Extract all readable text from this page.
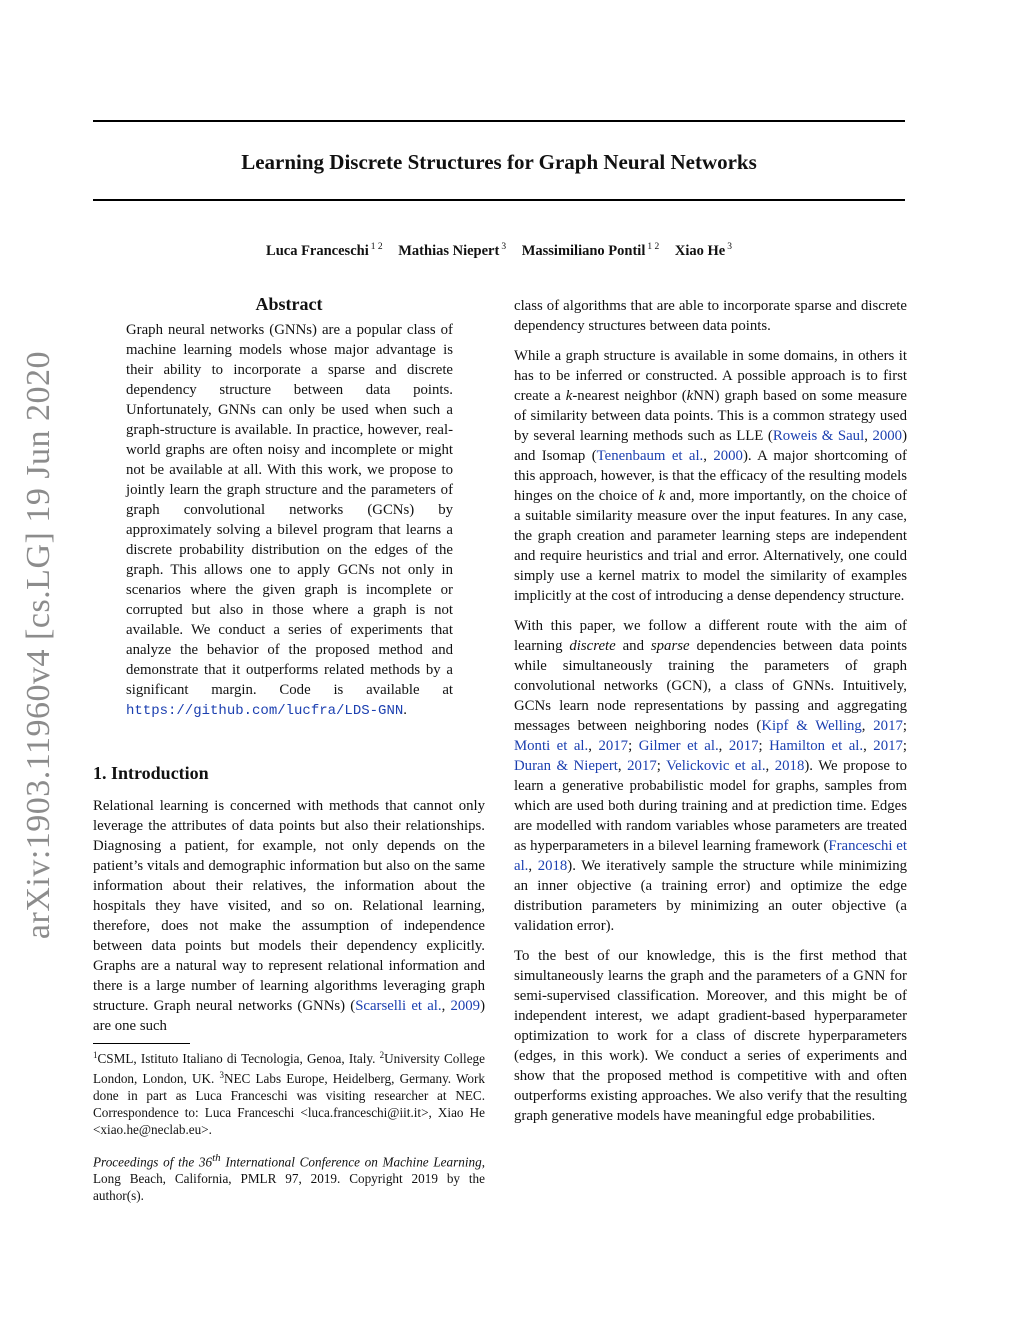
Learning Discrete Structures for Graph Neural Networks
Luca Franceschi $^{1 2}$ Mathias Niepert $^3$ Massimiliano Pontil $^{1 2}$ Xiao He $^3$
arXiv:1903.11960v4 [cs.LG] 19 Jun 2020
Abstract

Graph neural networks (GNNs) are a popular class of machine learning models whose major advantage is their ability to incorporate a sparse and discrete dependency structure between data points. Unfortunately, GNNs can only be used when such a graph-structure is available. In practice, however, real-world graphs are often noisy and incomplete or might not be available at all. With this work, we propose to jointly learn the graph structure and the parameters of graph convolutional networks (GCNs) by approximately solving a bilevel program that learns a discrete probability distribution on the edges of the graph. This allows one to apply GCNs not only in scenarios where the given graph is incomplete or corrupted but also in those where a graph is not available. We conduct a series of experiments that analyze the behavior of the proposed method and demonstrate that it outperforms related methods by a significant margin. Code is available at https://github.com/lucfra/LDS-GNN.

1. Introduction

Relational learning is concerned with methods that cannot only leverage the attributes of data points but also their relationships. Diagnosing a patient, for example, not only depends on the patient’s vitals and demographic information but also on the same information about their relatives, the information about the hospitals they have visited, and so on. Relational learning, therefore, does not make the assumption of independence between data points but models their dependency explicitly. Graphs are a natural way to represent relational information and there is a large number of learning algorithms leveraging graph structure. Graph neural networks (GNNs) (Scarselli et al., 2009) are one such

$^1$CSML, Istituto Italiano di Tecnologia, Genoa, Italy. $^2$University College London, London, UK. $^3$NEC Labs Europe, Heidelberg, Germany. Work done in part as Luca Franceschi was visiting researcher at NEC. Correspondence to: Luca Franceschi <luca.franceschi@iit.it>, Xiao He <xiao.he@neclab.eu>.

Proceedings of the 36th International Conference on Machine Learning, Long Beach, California, PMLR 97, 2019. Copyright 2019 by the author(s).

class of algorithms that are able to incorporate sparse and discrete dependency structures between data points.

While a graph structure is available in some domains, in others it has to be inferred or constructed. A possible approach is to first create a k-nearest neighbor (kNN) graph based on some measure of similarity between data points. This is a common strategy used by several learning methods such as LLE (Roweis & Saul, 2000) and Isomap (Tenenbaum et al., 2000). A major shortcoming of this approach, however, is that the efficacy of the resulting models hinges on the choice of k and, more importantly, on the choice of a suitable similarity measure over the input features. In any case, the graph creation and parameter learning steps are independent and require heuristics and trial and error. Alternatively, one could simply use a kernel matrix to model the similarity of examples implicitly at the cost of introducing a dense dependency structure.

With this paper, we follow a different route with the aim of learning discrete and sparse dependencies between data points while simultaneously training the parameters of graph convolutional networks (GCN), a class of GNNs. Intuitively, GCNs learn node representations by passing and aggregating messages between neighboring nodes (Kipf & Welling, 2017; Monti et al., 2017; Gilmer et al., 2017; Hamilton et al., 2017; Duran & Niepert, 2017; Velickovic et al., 2018). We propose to learn a generative probabilistic model for graphs, samples from which are used both during training and at prediction time. Edges are modelled with random variables whose parameters are treated as hyperparameters in a bilevel learning framework (Franceschi et al., 2018). We iteratively sample the structure while minimizing an inner objective (a training error) and optimize the edge distribution parameters by minimizing an outer objective (a validation error).

To the best of our knowledge, this is the first method that simultaneously learns the graph and the parameters of a GNN for semi-supervised classification. Moreover, and this might be of independent interest, we adapt gradient-based hyperparameter optimization to work for a class of discrete hyperparameters (edges, in this work). We conduct a series of experiments and show that the proposed method is competitive with and often outperforms existing approaches. We also verify that the resulting graph generative models have meaningful edge probabilities.
